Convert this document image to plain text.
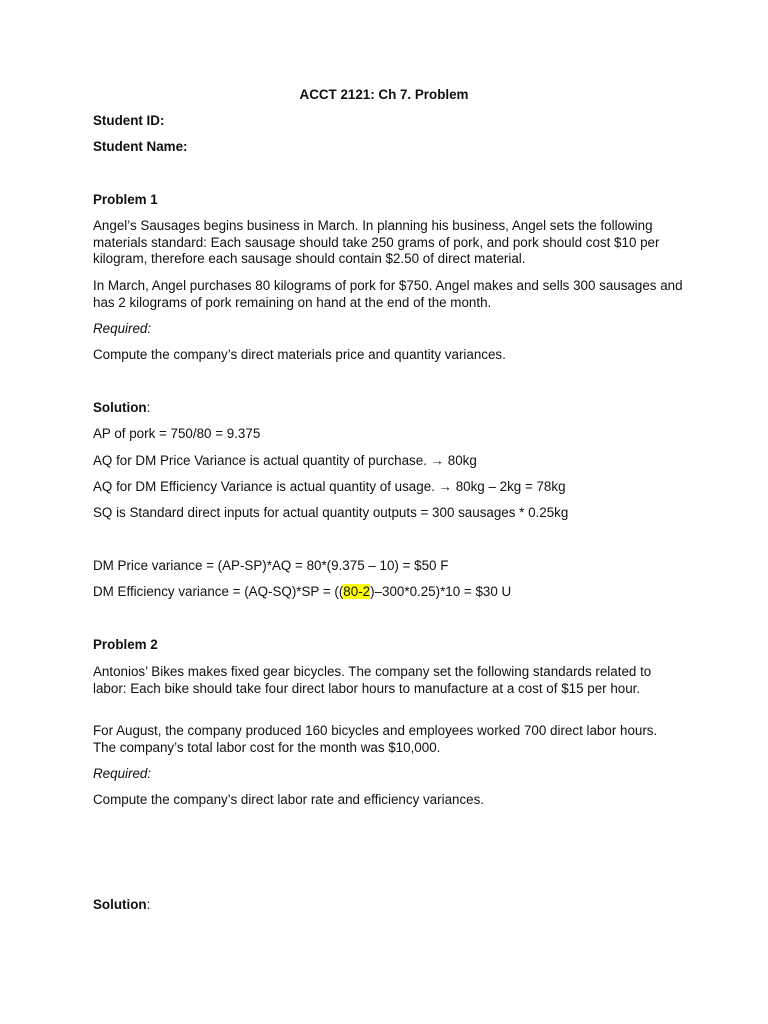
ACCT 2121: Ch 7. Problem

Student ID:

Student Name:

Problem 1

Angel’s Sausages begins business in March. In planning his business, Angel sets the following materials standard: Each sausage should take 250 grams of pork, and pork should cost $10 per kilogram, therefore each sausage should contain $2.50 of direct material.

In March, Angel purchases 80 kilograms of pork for $750. Angel makes and sells 300 sausages and has 2 kilograms of pork remaining on hand at the end of the month.

Required:

Compute the company’s direct materials price and quantity variances.

Solution:

AP of pork = 750/80 = 9.375

AQ for DM Price Variance is actual quantity of purchase. → 80kg

AQ for DM Efficiency Variance is actual quantity of usage. → 80kg – 2kg = 78kg

SQ is Standard direct inputs for actual quantity outputs = 300 sausages * 0.25kg

DM Price variance = (AP-SP)*AQ = 80*(9.375 – 10) = $50 F

DM Efficiency variance = (AQ-SQ)*SP = ((80-2)–300*0.25)*10 = $30 U

Problem 2

Antonios’ Bikes makes fixed gear bicycles. The company set the following standards related to labor: Each bike should take four direct labor hours to manufacture at a cost of $15 per hour.

For August, the company produced 160 bicycles and employees worked 700 direct labor hours. The company’s total labor cost for the month was $10,000.

Required:

Compute the company’s direct labor rate and efficiency variances.

Solution:
